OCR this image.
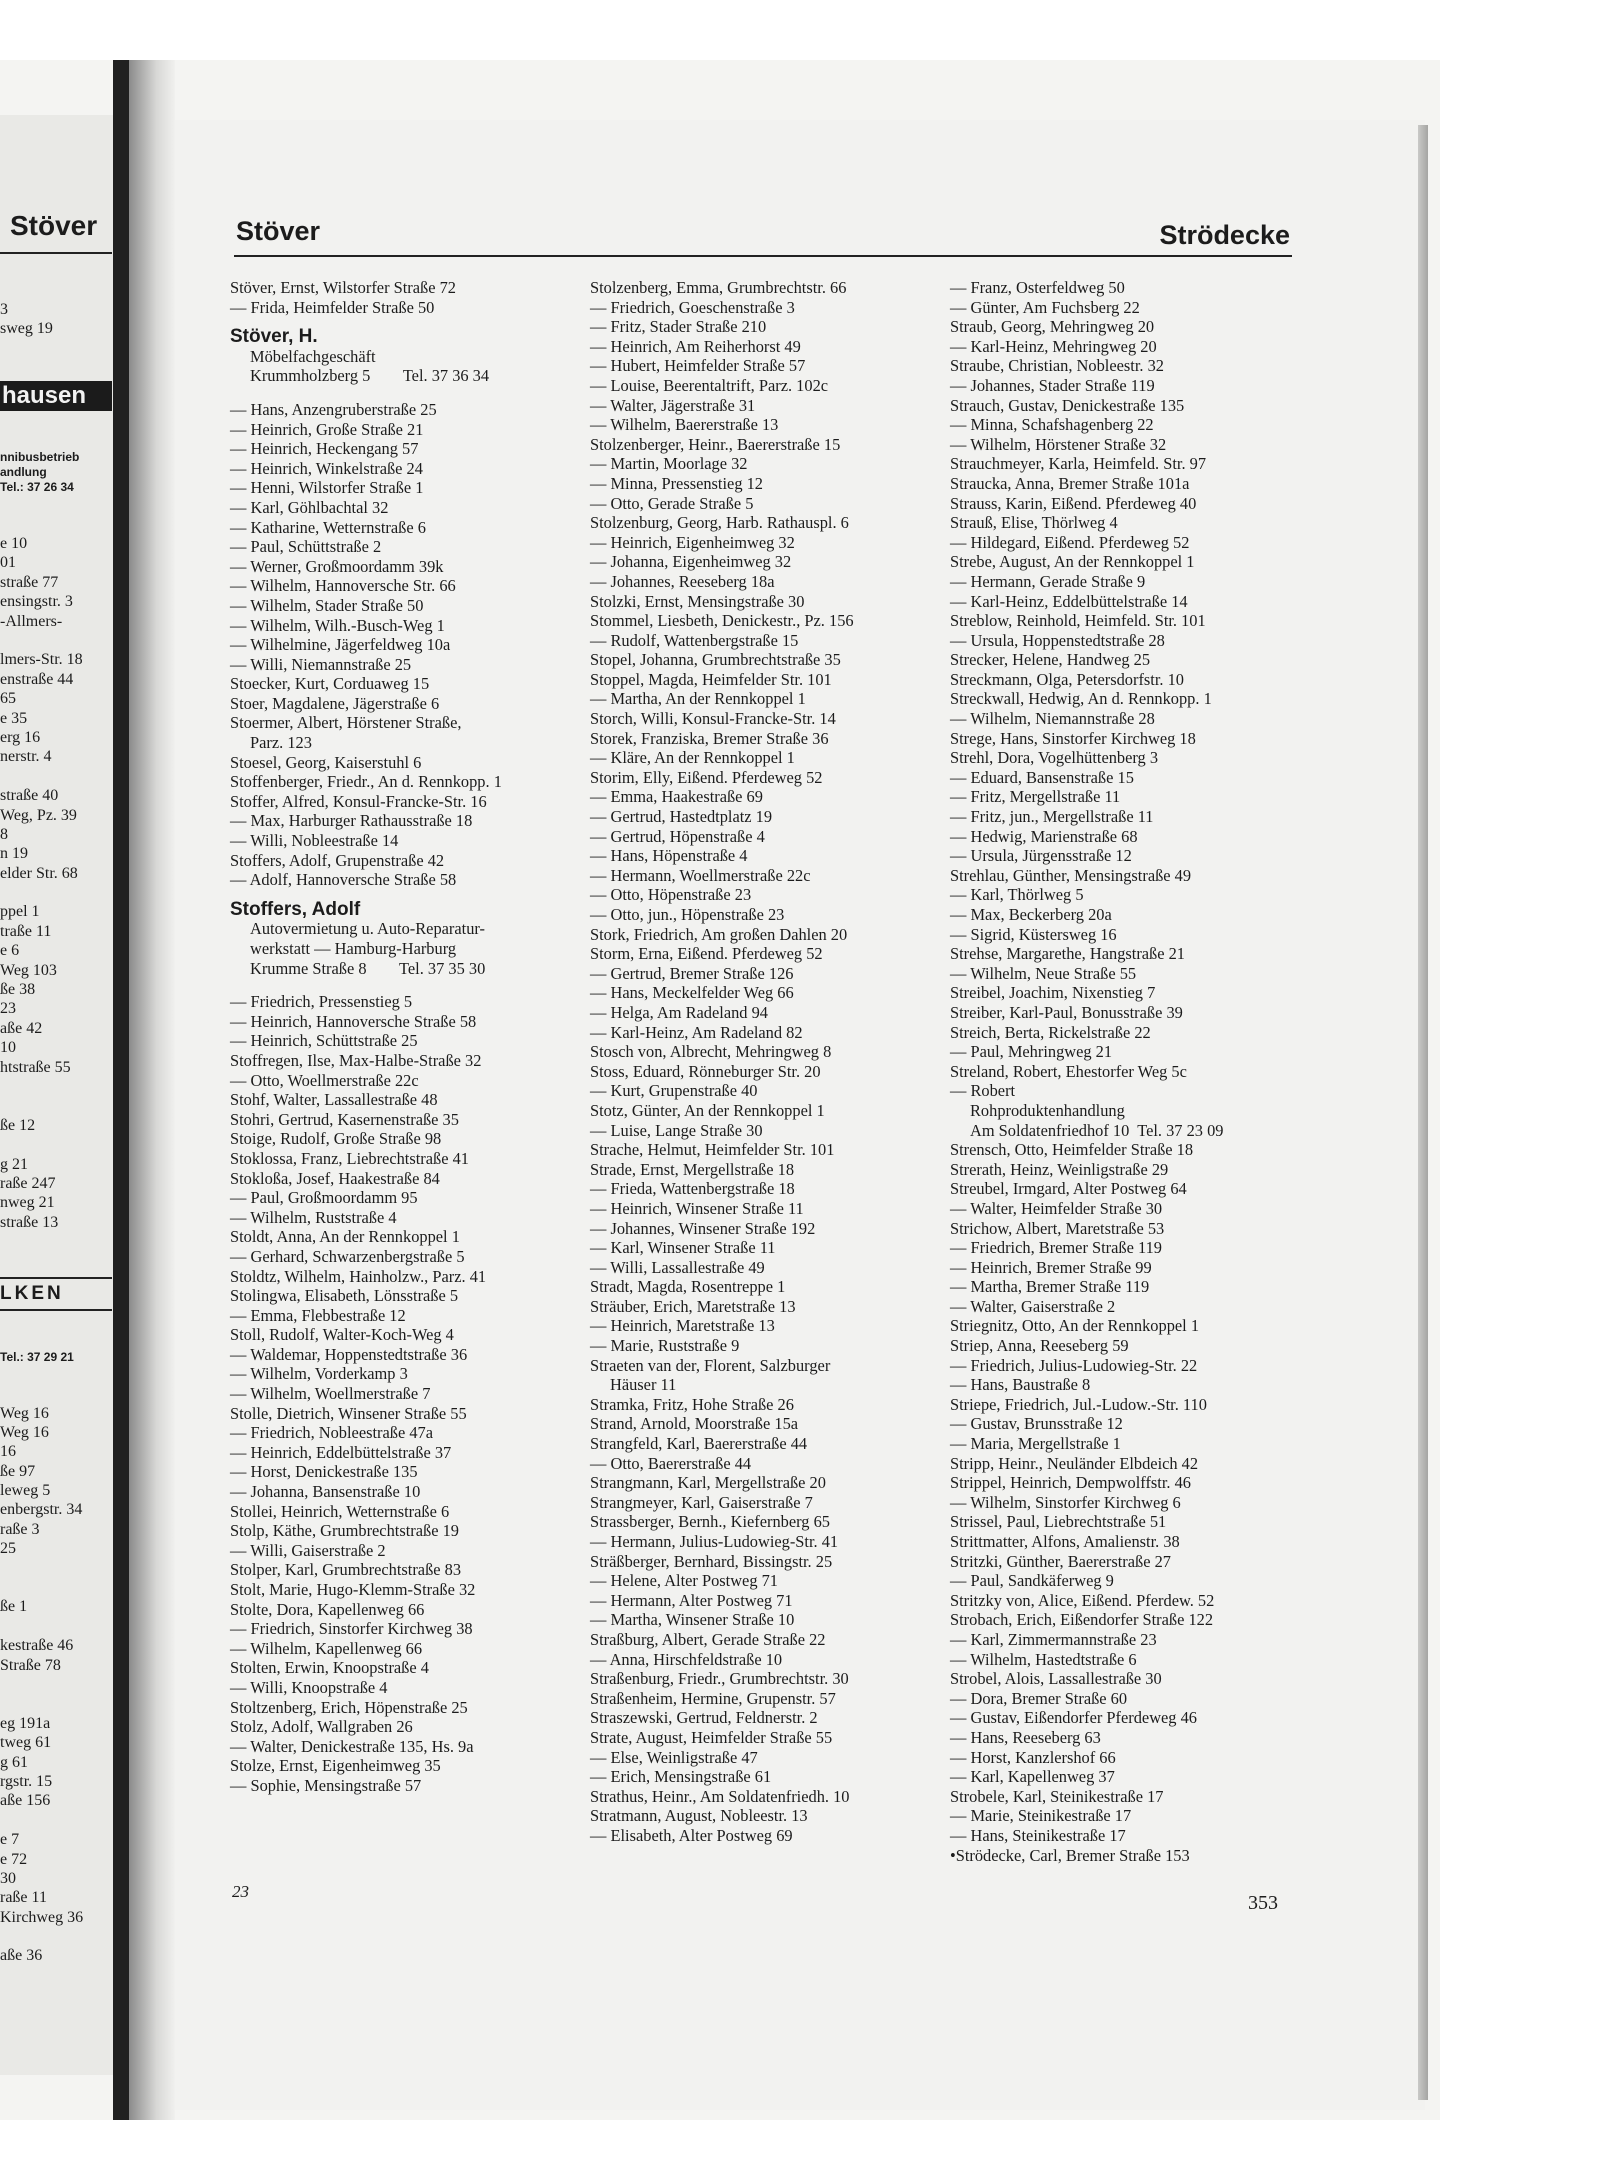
Stöver

3
sweg 19

hausen

nnibusbetrieb
andlung
Tel.: 37 26 34

e 10
01
straße 77
ensingstr. 3
-Allmers-
lmers-Str. 18
enstraße 44
65
e 35
erg 16
nerstr. 4
straße 40
Weg, Pz. 39
8
n 19
elder Str. 68
ppel 1
traße 11
e 6
Weg 103
ße 38
23
aße 42
10
htstraße 55
ße 12
g 21
raße 247
nweg 21
straße 13

LKEN

Tel.: 37 29 21

Weg 16
Weg 16
16
ße 97
leweg 5
enbergstr. 34
raße 3
25
ße 1
kestraße 46
Straße 78
eg 191a
tweg 61
g 61
rgstr. 15
aße 156
e 7
e 72
30
raße 11
Kirchweg 36
aße 36

Stöver	Strödecke
Stöver, Ernst, Wilstorfer Straße 72
— Frida, Heimfelder Straße 50
Stöver, H.
Möbelfachgeschäft
Krummholzberg 5        Tel. 37 36 34
— Hans, Anzengruberstraße 25
— Heinrich, Große Straße 21
— Heinrich, Heckengang 57
— Heinrich, Winkelstraße 24
— Henni, Wilstorfer Straße 1
— Karl, Göhlbachtal 32
— Katharine, Wetternstraße 6
— Paul, Schüttstraße 2
— Werner, Großmoordamm 39k
— Wilhelm, Hannoversche Str. 66
— Wilhelm, Stader Straße 50
— Wilhelm, Wilh.-Busch-Weg 1
— Wilhelmine, Jägerfeldweg 10a
— Willi, Niemannstraße 25
Stoecker, Kurt, Corduaweg 15
Stoer, Magdalene, Jägerstraße 6
Stoermer, Albert, Hörstener Straße,
Parz. 123
Stoesel, Georg, Kaiserstuhl 6
Stoffenberger, Friedr., An d. Rennkopp. 1
Stoffer, Alfred, Konsul-Francke-Str. 16
— Max, Harburger Rathausstraße 18
— Willi, Nobleestraße 14
Stoffers, Adolf, Grupenstraße 42
— Adolf, Hannoversche Straße 58
Stoffers, Adolf
Autovermietung u. Auto-Reparatur-
werkstatt — Hamburg-Harburg
Krumme Straße 8        Tel. 37 35 30
— Friedrich, Pressenstieg 5
— Heinrich, Hannoversche Straße 58
— Heinrich, Schüttstraße 25
Stoffregen, Ilse, Max-Halbe-Straße 32
— Otto, Woellmerstraße 22c
Stohf, Walter, Lassallestraße 48
Stohri, Gertrud, Kasernenstraße 35
Stoige, Rudolf, Große Straße 98
Stoklossa, Franz, Liebrechtstraße 41
Stokloßa, Josef, Haakestraße 84
— Paul, Großmoordamm 95
— Wilhelm, Ruststraße 4
Stoldt, Anna, An der Rennkoppel 1
— Gerhard, Schwarzenbergstraße 5
Stoldtz, Wilhelm, Hainholzw., Parz. 41
Stolingwa, Elisabeth, Lönsstraße 5
— Emma, Flebbestraße 12
Stoll, Rudolf, Walter-Koch-Weg 4
— Waldemar, Hoppenstedtstraße 36
— Wilhelm, Vorderkamp 3
— Wilhelm, Woellmerstraße 7
Stolle, Dietrich, Winsener Straße 55
— Friedrich, Nobleestraße 47a
— Heinrich, Eddelbüttelstraße 37
— Horst, Denickestraße 135
— Johanna, Bansenstraße 10
Stollei, Heinrich, Wetternstraße 6
Stolp, Käthe, Grumbrechtstraße 19
— Willi, Gaiserstraße 2
Stolper, Karl, Grumbrechtstraße 83
Stolt, Marie, Hugo-Klemm-Straße 32
Stolte, Dora, Kapellenweg 66
— Friedrich, Sinstorfer Kirchweg 38
— Wilhelm, Kapellenweg 66
Stolten, Erwin, Knoopstraße 4
— Willi, Knoopstraße 4
Stoltzenberg, Erich, Höpenstraße 25
Stolz, Adolf, Wallgraben 26
— Walter, Denickestraße 135, Hs. 9a
Stolze, Ernst, Eigenheimweg 35
— Sophie, Mensingstraße 57
Stolzenberg, Emma, Grumbrechtstr. 66
— Friedrich, Goeschenstraße 3
— Fritz, Stader Straße 210
— Heinrich, Am Reiherhorst 49
— Hubert, Heimfelder Straße 57
— Louise, Beerentaltrift, Parz. 102c
— Walter, Jägerstraße 31
— Wilhelm, Baererstraße 13
Stolzenberger, Heinr., Baererstraße 15
— Martin, Moorlage 32
— Minna, Pressenstieg 12
— Otto, Gerade Straße 5
Stolzenburg, Georg, Harb. Rathauspl. 6
— Heinrich, Eigenheimweg 32
— Johanna, Eigenheimweg 32
— Johannes, Reeseberg 18a
Stolzki, Ernst, Mensingstraße 30
Stommel, Liesbeth, Denickestr., Pz. 156
— Rudolf, Wattenbergstraße 15
Stopel, Johanna, Grumbrechtstraße 35
Stoppel, Magda, Heimfelder Str. 101
— Martha, An der Rennkoppel 1
Storch, Willi, Konsul-Francke-Str. 14
Storek, Franziska, Bremer Straße 36
— Kläre, An der Rennkoppel 1
Storim, Elly, Eißend. Pferdeweg 52
— Emma, Haakestraße 69
— Gertrud, Hastedtplatz 19
— Gertrud, Höpenstraße 4
— Hans, Höpenstraße 4
— Hermann, Woellmerstraße 22c
— Otto, Höpenstraße 23
— Otto, jun., Höpenstraße 23
Stork, Friedrich, Am großen Dahlen 20
Storm, Erna, Eißend. Pferdeweg 52
— Gertrud, Bremer Straße 126
— Hans, Meckelfelder Weg 66
— Helga, Am Radeland 94
— Karl-Heinz, Am Radeland 82
Stosch von, Albrecht, Mehringweg 8
Stoss, Eduard, Rönneburger Str. 20
— Kurt, Grupenstraße 40
Stotz, Günter, An der Rennkoppel 1
— Luise, Lange Straße 30
Strache, Helmut, Heimfelder Str. 101
Strade, Ernst, Mergellstraße 18
— Frieda, Wattenbergstraße 18
— Heinrich, Winsener Straße 11
— Johannes, Winsener Straße 192
— Karl, Winsener Straße 11
— Willi, Lassallestraße 49
Stradt, Magda, Rosentreppe 1
Sträuber, Erich, Maretstraße 13
— Heinrich, Maretstraße 13
— Marie, Ruststraße 9
Straeten van der, Florent, Salzburger
Häuser 11
Stramka, Fritz, Hohe Straße 26
Strand, Arnold, Moorstraße 15a
Strangfeld, Karl, Baererstraße 44
— Otto, Baererstraße 44
Strangmann, Karl, Mergellstraße 20
Strangmeyer, Karl, Gaiserstraße 7
Strassberger, Bernh., Kiefernberg 65
— Hermann, Julius-Ludowieg-Str. 41
Sträßberger, Bernhard, Bissingstr. 25
— Helene, Alter Postweg 71
— Hermann, Alter Postweg 71
— Martha, Winsener Straße 10
Straßburg, Albert, Gerade Straße 22
— Anna, Hirschfeldstraße 10
Straßenburg, Friedr., Grumbrechtstr. 30
Straßenheim, Hermine, Grupenstr. 57
Straszewski, Gertrud, Feldnerstr. 2
Strate, August, Heimfelder Straße 55
— Else, Weinligstraße 47
— Erich, Mensingstraße 61
Strathus, Heinr., Am Soldatenfriedh. 10
Stratmann, August, Nobleestr. 13
— Elisabeth, Alter Postweg 69
— Franz, Osterfeldweg 50
— Günter, Am Fuchsberg 22
Straub, Georg, Mehringweg 20
— Karl-Heinz, Mehringweg 20
Straube, Christian, Nobleestr. 32
— Johannes, Stader Straße 119
Strauch, Gustav, Denickestraße 135
— Minna, Schafshagenberg 22
— Wilhelm, Hörstener Straße 32
Strauchmeyer, Karla, Heimfeld. Str. 97
Straucka, Anna, Bremer Straße 101a
Strauss, Karin, Eißend. Pferdeweg 40
Strauß, Elise, Thörlweg 4
— Hildegard, Eißend. Pferdeweg 52
Strebe, August, An der Rennkoppel 1
— Hermann, Gerade Straße 9
— Karl-Heinz, Eddelbüttelstraße 14
Streblow, Reinhold, Heimfeld. Str. 101
— Ursula, Hoppenstedtstraße 28
Strecker, Helene, Handweg 25
Streckmann, Olga, Petersdorfstr. 10
Streckwall, Hedwig, An d. Rennkopp. 1
— Wilhelm, Niemannstraße 28
Strege, Hans, Sinstorfer Kirchweg 18
Strehl, Dora, Vogelhüttenberg 3
— Eduard, Bansenstraße 15
— Fritz, Mergellstraße 11
— Fritz, jun., Mergellstraße 11
— Hedwig, Marienstraße 68
— Ursula, Jürgensstraße 12
Strehlau, Günther, Mensingstraße 49
— Karl, Thörlweg 5
— Max, Beckerberg 20a
— Sigrid, Küstersweg 16
Strehse, Margarethe, Hangstraße 21
— Wilhelm, Neue Straße 55
Streibel, Joachim, Nixenstieg 7
Streiber, Karl-Paul, Bonusstraße 39
Streich, Berta, Rickelstraße 22
— Paul, Mehringweg 21
Streland, Robert, Ehestorfer Weg 5c
— Robert
Rohproduktenhandlung
Am Soldatenfriedhof 10  Tel. 37 23 09
Strensch, Otto, Heimfelder Straße 18
Strerath, Heinz, Weinligstraße 29
Streubel, Irmgard, Alter Postweg 64
— Walter, Heimfelder Straße 30
Strichow, Albert, Maretstraße 53
— Friedrich, Bremer Straße 119
— Heinrich, Bremer Straße 99
— Martha, Bremer Straße 119
— Walter, Gaiserstraße 2
Striegnitz, Otto, An der Rennkoppel 1
Striep, Anna, Reeseberg 59
— Friedrich, Julius-Ludowieg-Str. 22
— Hans, Baustraße 8
Striepe, Friedrich, Jul.-Ludow.-Str. 110
— Gustav, Brunsstraße 12
— Maria, Mergellstraße 1
Stripp, Heinr., Neuländer Elbdeich 42
Strippel, Heinrich, Dempwolffstr. 46
— Wilhelm, Sinstorfer Kirchweg 6
Strissel, Paul, Liebrechtstraße 51
Strittmatter, Alfons, Amalienstr. 38
Stritzki, Günther, Baererstraße 27
— Paul, Sandkäferweg 9
Stritzky von, Alice, Eißend. Pferdew. 52
Strobach, Erich, Eißendorfer Straße 122
— Karl, Zimmermannstraße 23
— Wilhelm, Hastedtstraße 6
Strobel, Alois, Lassallestraße 30
— Dora, Bremer Straße 60
— Gustav, Eißendorfer Pferdeweg 46
— Hans, Reeseberg 63
— Horst, Kanzlershof 66
— Karl, Kapellenweg 37
Strobele, Karl, Steinikestraße 17
— Marie, Steinikestraße 17
— Hans, Steinikestraße 17
•Strödecke, Carl, Bremer Straße 153
23
353
